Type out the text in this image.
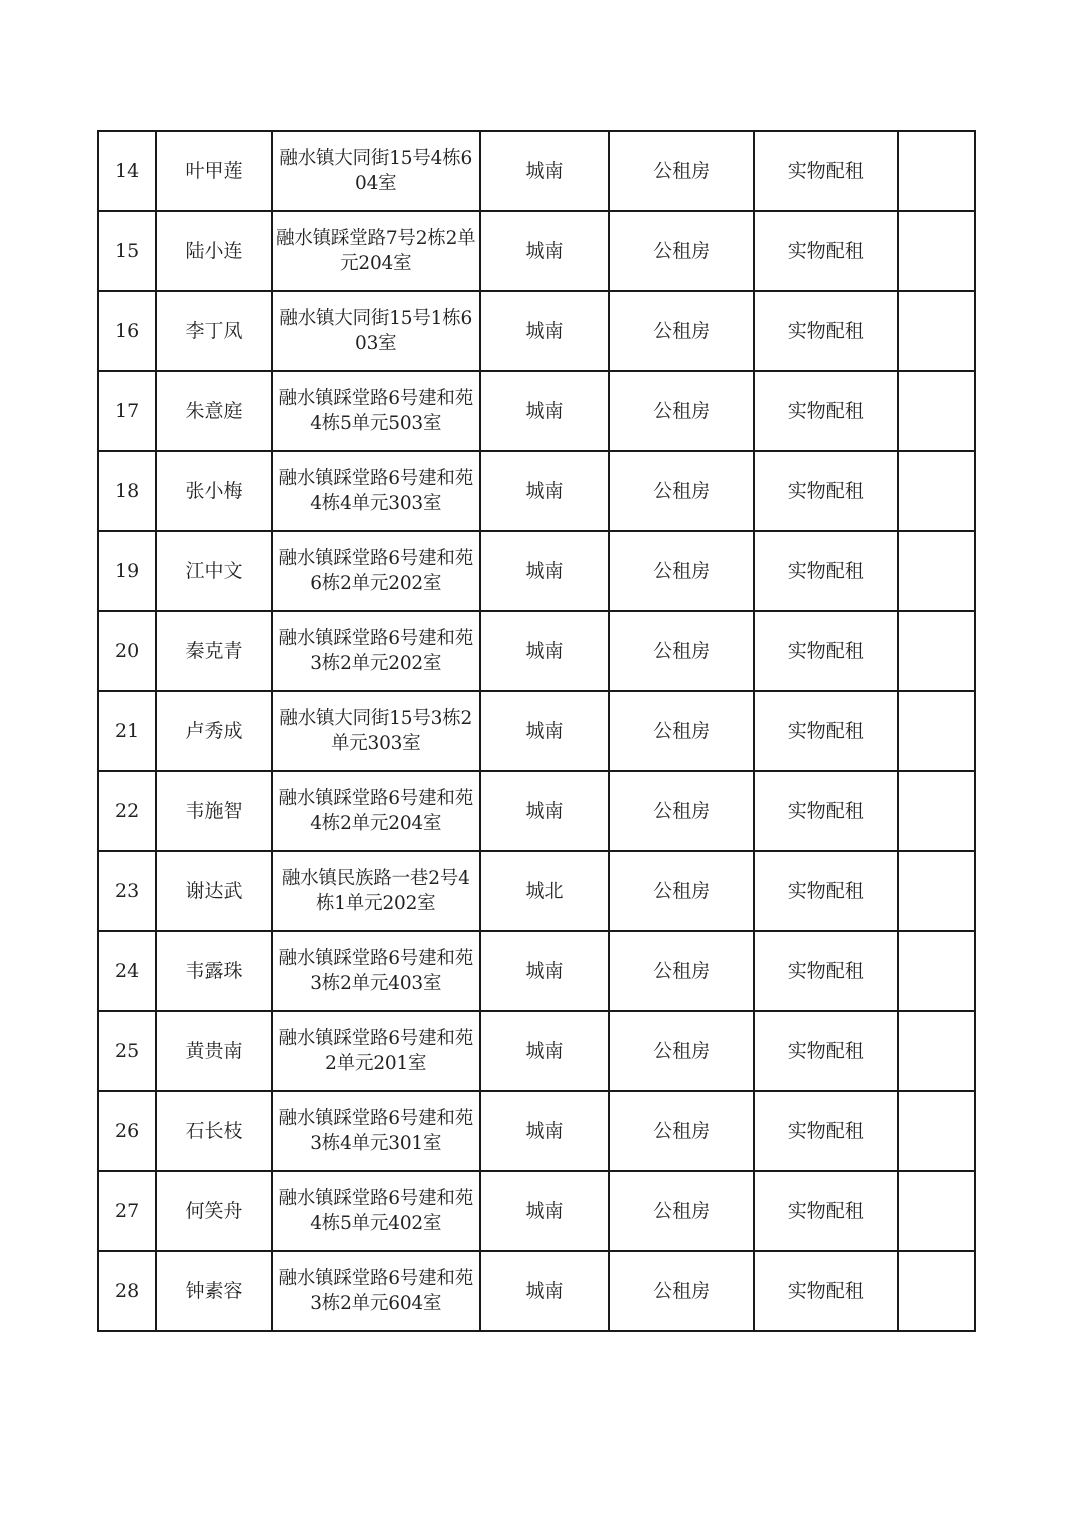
14	叶甲莲	融水镇大同街15号4栋604室	城南	公租房	实物配租	
15	陆小连	融水镇踩堂路7号2栋2单元204室	城南	公租房	实物配租	
16	李丁凤	融水镇大同街15号1栋603室	城南	公租房	实物配租	
17	朱意庭	融水镇踩堂路6号建和苑4栋5单元503室	城南	公租房	实物配租	
18	张小梅	融水镇踩堂路6号建和苑4栋4单元303室	城南	公租房	实物配租	
19	江中文	融水镇踩堂路6号建和苑6栋2单元202室	城南	公租房	实物配租	
20	秦克青	融水镇踩堂路6号建和苑3栋2单元202室	城南	公租房	实物配租	
21	卢秀成	融水镇大同街15号3栋2单元303室	城南	公租房	实物配租	
22	韦施智	融水镇踩堂路6号建和苑4栋2单元204室	城南	公租房	实物配租	
23	谢达武	融水镇民族路一巷2号4栋1单元202室	城北	公租房	实物配租	
24	韦露珠	融水镇踩堂路6号建和苑3栋2单元403室	城南	公租房	实物配租	
25	黄贵南	融水镇踩堂路6号建和苑2单元201室	城南	公租房	实物配租	
26	石长枝	融水镇踩堂路6号建和苑3栋4单元301室	城南	公租房	实物配租	
27	何笑舟	融水镇踩堂路6号建和苑4栋5单元402室	城南	公租房	实物配租	
28	钟素容	融水镇踩堂路6号建和苑3栋2单元604室	城南	公租房	实物配租	
